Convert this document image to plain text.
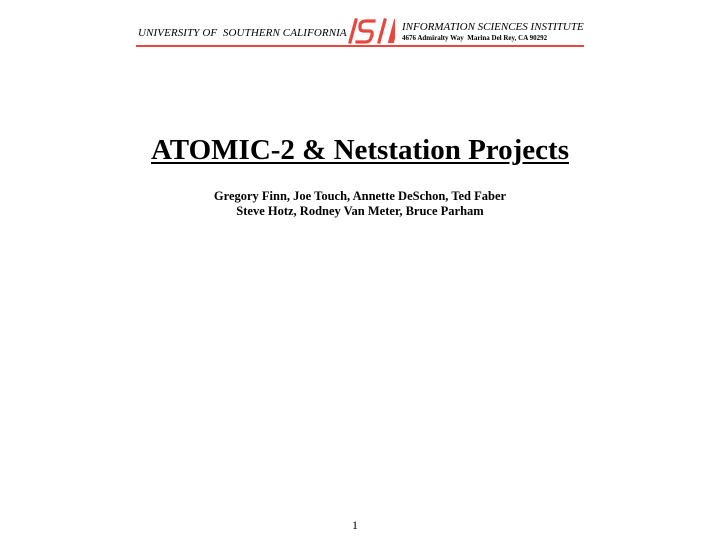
UNIVERSITY OF  SOUTHERN CALIFORNIA	INFORMATION SCIENCES INSTITUTE
4676 Admiralty Way  Marina Del Rey, CA 90292
ATOMIC-2 & Netstation Projects
Gregory Finn, Joe Touch, Annette DeSchon, Ted Faber
Steve Hotz, Rodney Van Meter, Bruce Parham
1
